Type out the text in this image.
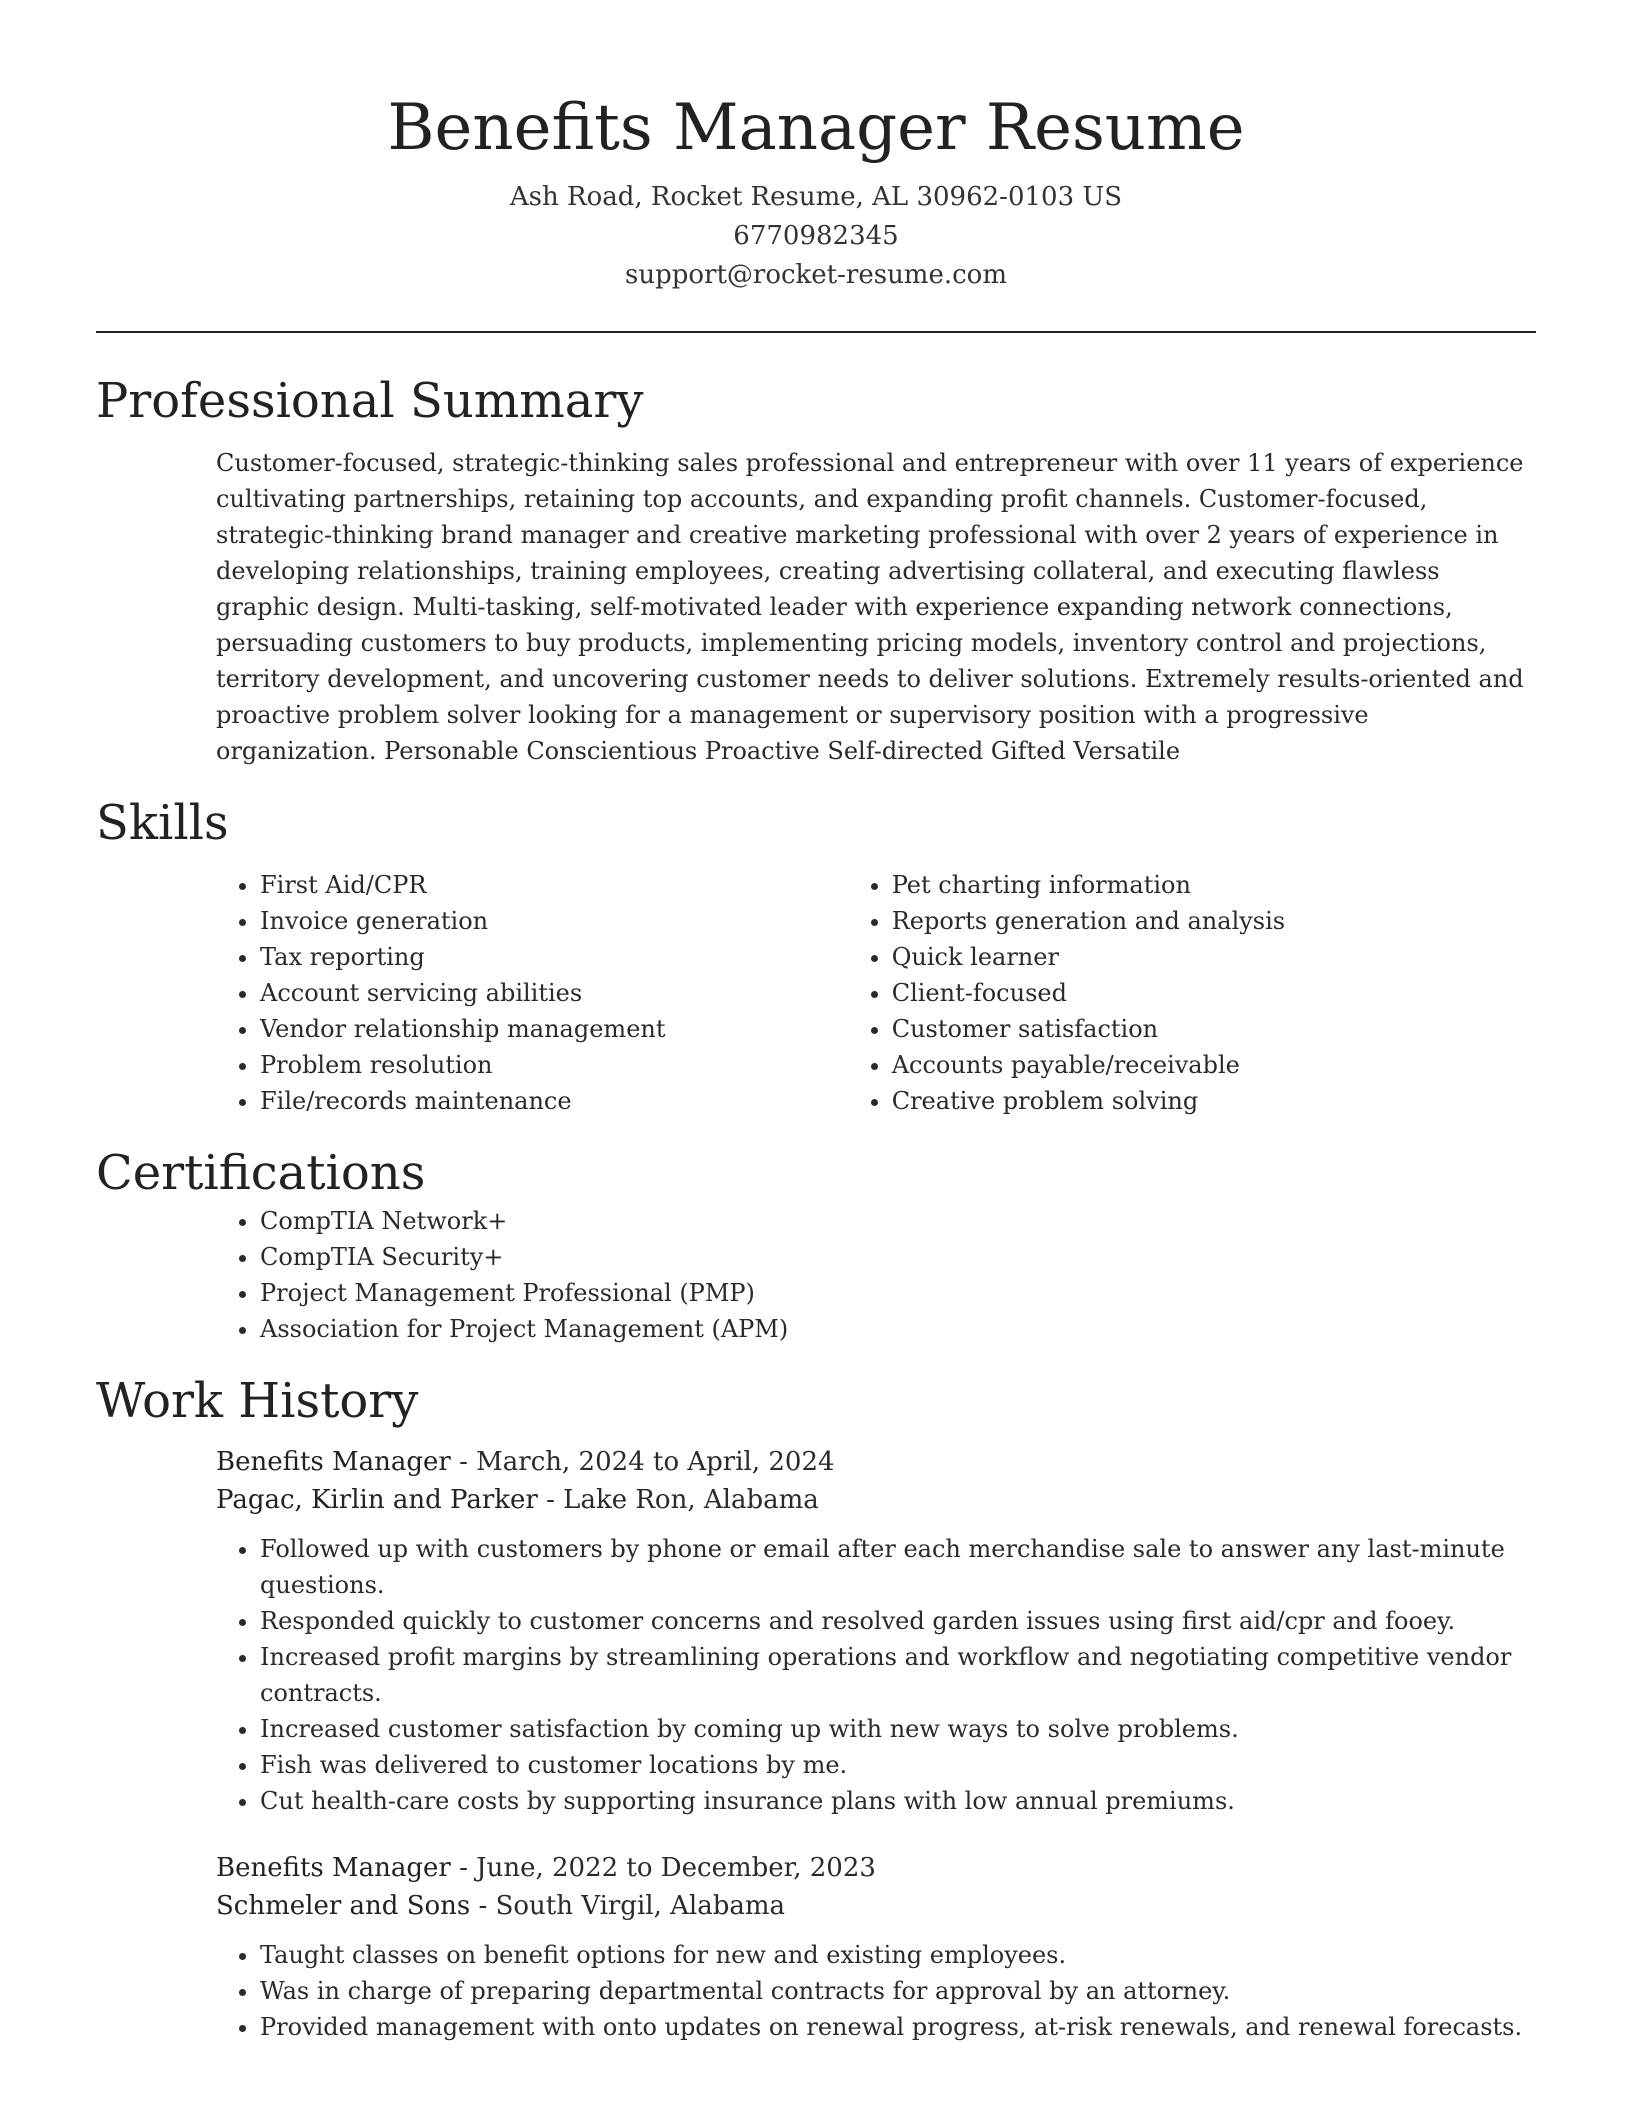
Benefits Manager Resume
Ash Road, Rocket Resume, AL 30962-0103 US
6770982345
support@rocket-resume.com
Professional Summary
Customer-focused, strategic-thinking sales professional and entrepreneur with over 11 years of experience cultivating partnerships, retaining top accounts, and expanding profit channels. Customer-focused, strategic-thinking brand manager and creative marketing professional with over 2 years of experience in developing relationships, training employees, creating advertising collateral, and executing flawless graphic design. Multi-tasking, self-motivated leader with experience expanding network connections, persuading customers to buy products, implementing pricing models, inventory control and projections, territory development, and uncovering customer needs to deliver solutions. Extremely results-oriented and proactive problem solver looking for a management or supervisory position with a progressive organization. Personable Conscientious Proactive Self-directed Gifted Versatile
Skills
• First Aid/CPR
• Invoice generation
• Tax reporting
• Account servicing abilities
• Vendor relationship management
• Problem resolution
• File/records maintenance
• Pet charting information
• Reports generation and analysis
• Quick learner
• Client-focused
• Customer satisfaction
• Accounts payable/receivable
• Creative problem solving
Certifications
• CompTIA Network+
• CompTIA Security+
• Project Management Professional (PMP)
• Association for Project Management (APM)
Work History
Benefits Manager - March, 2024 to April, 2024
Pagac, Kirlin and Parker - Lake Ron, Alabama
• Followed up with customers by phone or email after each merchandise sale to answer any last-minute questions.
• Responded quickly to customer concerns and resolved garden issues using first aid/cpr and fooey.
• Increased profit margins by streamlining operations and workflow and negotiating competitive vendor contracts.
• Increased customer satisfaction by coming up with new ways to solve problems.
• Fish was delivered to customer locations by me.
• Cut health-care costs by supporting insurance plans with low annual premiums.
Benefits Manager - June, 2022 to December, 2023
Schmeler and Sons - South Virgil, Alabama
• Taught classes on benefit options for new and existing employees.
• Was in charge of preparing departmental contracts for approval by an attorney.
• Provided management with onto updates on renewal progress, at-risk renewals, and renewal forecasts.
